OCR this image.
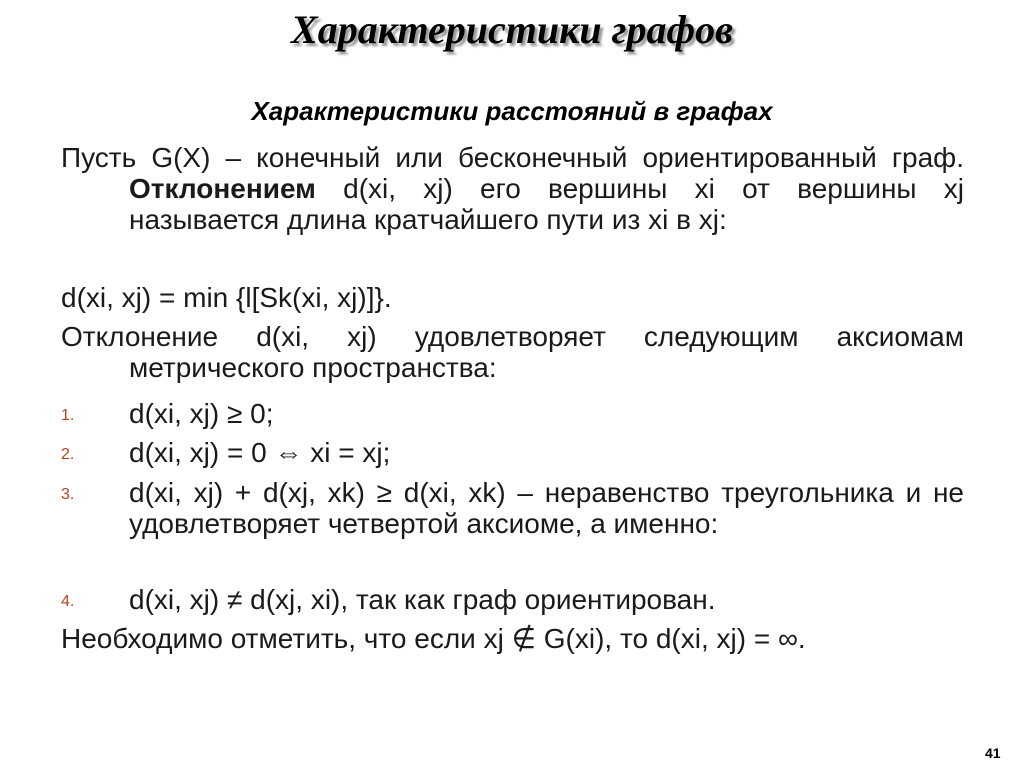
Характеристики графов
Характеристики расстояний в графах
Пусть G(X) – конечный или бесконечный ориентированный граф. Отклонением d(xi, xj) его вершины xi от вершины xj называется длина кратчайшего пути из xi в xj:
d(xi, xj) = min {l[Sk(xi, xj)]}.
Отклонение d(xi, xj) удовлетворяет следующим аксиомам метрического пространства:
1. d(xi, xj) ≥ 0;
2. d(xi, xj) = 0 ⇔ xi = xj;
3. d(xi, xj) + d(xj, xk) ≥ d(xi, xk) – неравенство треугольника и не удовлетворяет четвертой аксиоме, а именно:
4. d(xi, xj) ≠ d(xj, xi), так как граф ориентирован.
Необходимо отметить, что если xj ∉ G(xi), то d(xi, xj) = ∞.
41
